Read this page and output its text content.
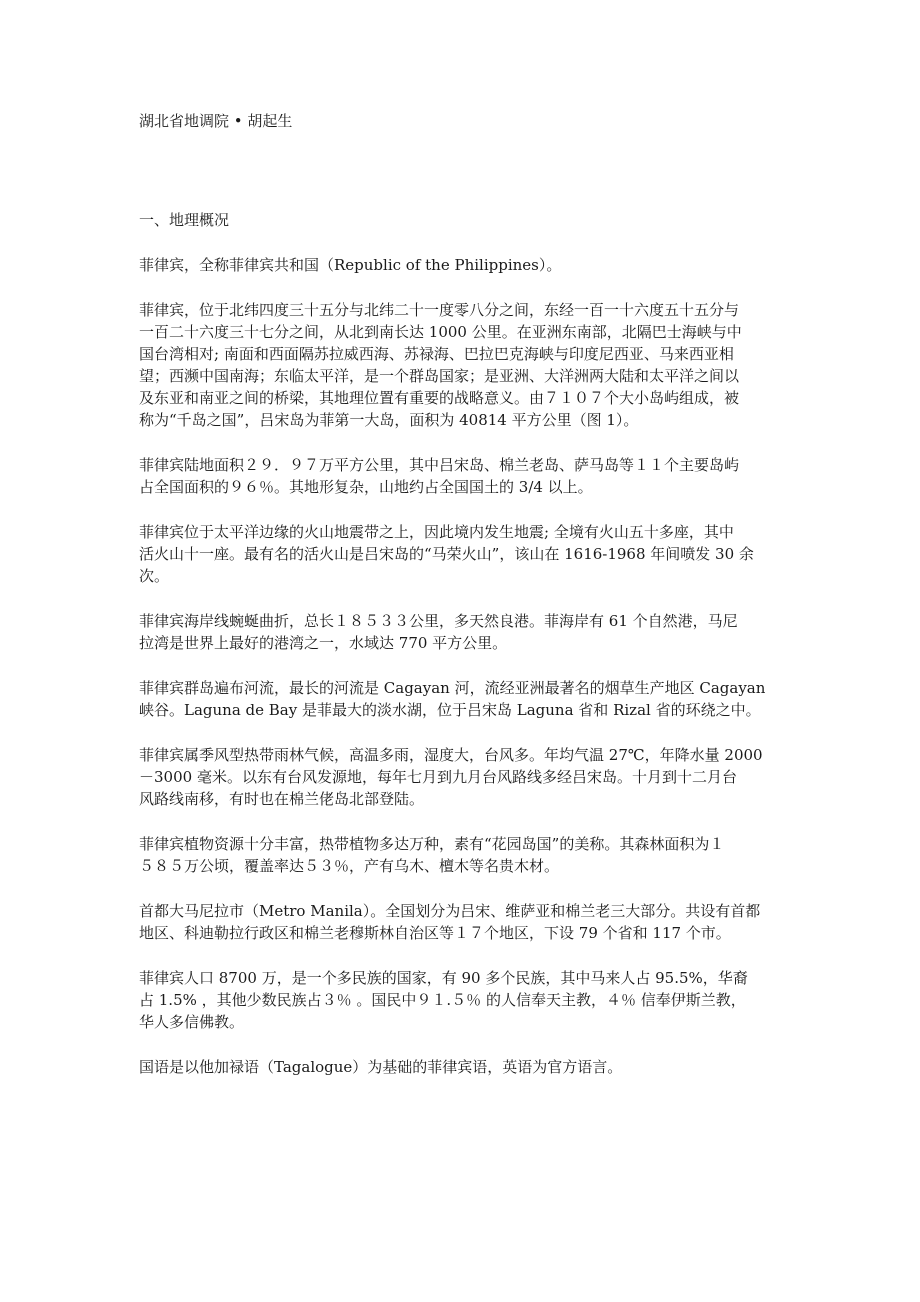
湖北省地调院 • 胡起生

一、地理概况

菲律宾，全称菲律宾共和国（Republic of the Philippines）。

菲律宾，位于北纬四度三十五分与北纬二十一度零八分之间，东经一百一十六度五十五分与

一百二十六度三十七分之间，从北到南长达 1000 公里。在亚洲东南部，北隔巴士海峡与中

国台湾相对; 南面和西面隔苏拉威西海、苏禄海、巴拉巴克海峡与印度尼西亚、马来西亚相

望；西濒中国南海；东临太平洋，是一个群岛国家；是亚洲、大洋洲两大陆和太平洋之间以

及东亚和南亚之间的桥梁，其地理位置有重要的战略意义。由７１０７个大小岛屿组成，被

称为“千岛之国”，吕宋岛为菲第一大岛，面积为 40814 平方公里（图 1）。

菲律宾陆地面积２９．９７万平方公里，其中吕宋岛、棉兰老岛、萨马岛等１１个主要岛屿

占全国面积的９６％。其地形复杂，山地约占全国国土的 3/4 以上。

菲律宾位于太平洋边缘的火山地震带之上，因此境内发生地震; 全境有火山五十多座，其中

活火山十一座。最有名的活火山是吕宋岛的“马荣火山”，该山在 1616-1968 年间喷发 30 余

次。

菲律宾海岸线蜿蜒曲折，总长１８５３３公里，多天然良港。菲海岸有 61 个自然港，马尼

拉湾是世界上最好的港湾之一，水域达 770 平方公里。

菲律宾群岛遍布河流，最长的河流是 Cagayan 河，流经亚洲最著名的烟草生产地区 Cagayan

峡谷。Laguna de Bay 是菲最大的淡水湖，位于吕宋岛 Laguna 省和 Rizal 省的环绕之中。

菲律宾属季风型热带雨林气候，高温多雨，湿度大，台风多。年均气温 27℃，年降水量 2000

－3000 毫米。以东有台风发源地，每年七月到九月台风路线多经吕宋岛。十月到十二月台

风路线南移，有时也在棉兰佬岛北部登陆。

菲律宾植物资源十分丰富，热带植物多达万种，素有“花园岛国”的美称。其森林面积为１

５８５万公顷，覆盖率达５３％，产有乌木、檀木等名贵木材。

首都大马尼拉市（Metro Manila）。全国划分为吕宋、维萨亚和棉兰老三大部分。共设有首都

地区、科迪勒拉行政区和棉兰老穆斯林自治区等１７个地区，下设 79 个省和 117 个市。

菲律宾人口 8700 万，是一个多民族的国家，有 90 多个民族，其中马来人占 95.5%，华裔

占 1.5% ，其他少数民族占３％ 。国民中９１.５％ 的人信奉天主教，４％ 信奉伊斯兰教，

华人多信佛教。

国语是以他加禄语（Tagalogue）为基础的菲律宾语，英语为官方语言。
